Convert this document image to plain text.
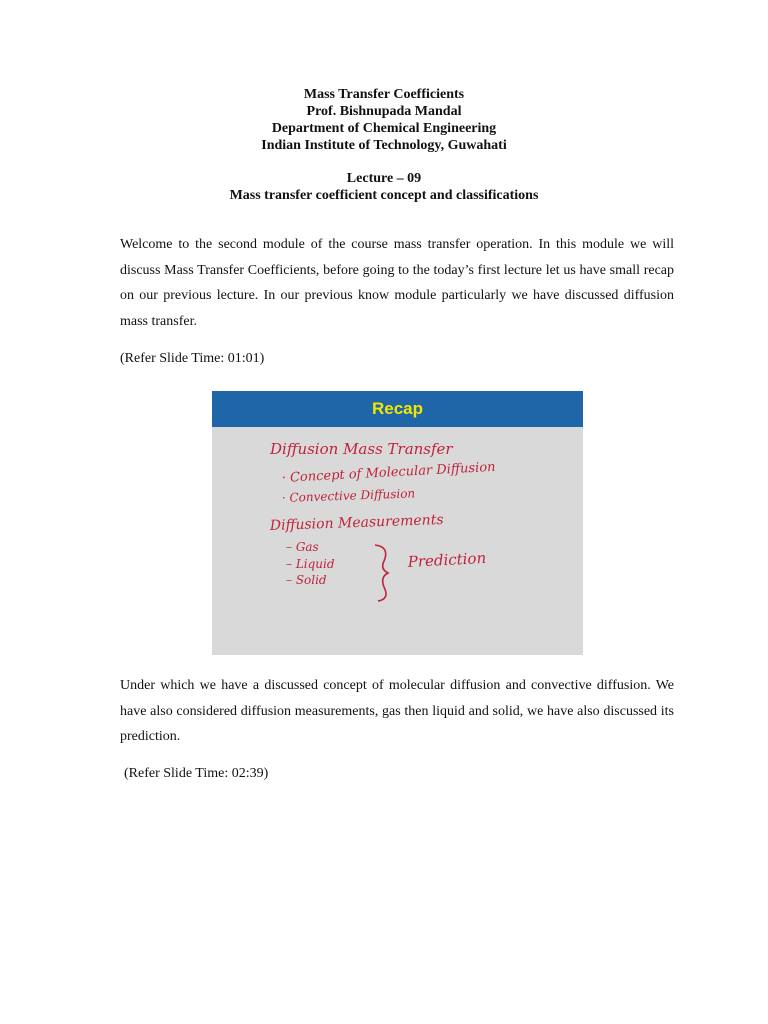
Mass Transfer Coefficients
Prof. Bishnupada Mandal
Department of Chemical Engineering
Indian Institute of Technology, Guwahati
Lecture – 09
Mass transfer coefficient concept and classifications

Welcome to the second module of the course mass transfer operation. In this module we will discuss Mass Transfer Coefficients, before going to the today’s first lecture let us have small recap on our previous lecture. In our previous know module particularly we have discussed diffusion mass transfer.

(Refer Slide Time: 01:01)
Recap
Diffusion Mass Transfer
· Concept of Molecular Diffusion
· Convective Diffusion
Diffusion Measurements
– Gas
– Liquid
– Solid
Prediction

Under which we have a discussed concept of molecular diffusion and convective diffusion. We have also considered diffusion measurements, gas then liquid and solid, we have also discussed its prediction.

(Refer Slide Time: 02:39)
